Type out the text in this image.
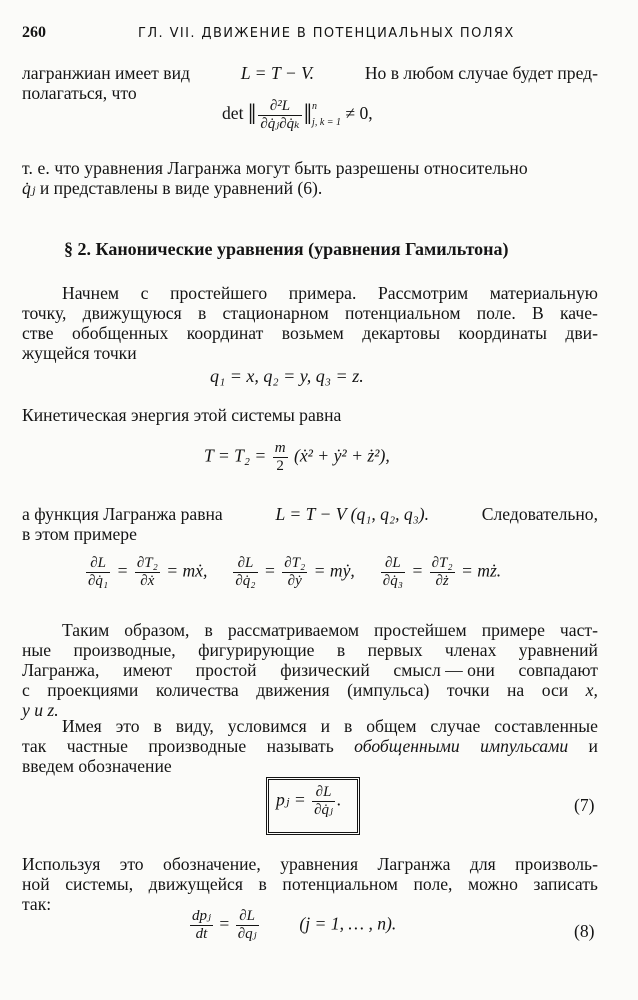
260	ГЛ. VII. ДВИЖЕНИЕ В ПОТЕНЦИАЛЬНЫХ ПОЛЯХ
лагранжиан имеет вид	L = T − V.	Но в любом случае будет пред-
полагаться, что
det ‖ $\frac{\text{∂²L}}{\text{∂q̇ⱼ∂q̇ₖ}}$ ‖ n
j, k = 1 ≠ 0,
т. е. что уравнения Лагранжа могут быть разрешены относительно
q̇ⱼ и представлены в виде уравнений (6).
§ 2. Канонические уравнения (уравнения Гамильтона)
Начнем с простейшего примера. Рассмотрим материальную
точку, движущуюся в стационарном потенциальном поле. В каче-
стве обобщенных координат возьмем декартовы координаты дви-
жущейся точки
q₁ = x, q₂ = y, q₃ = z.
Кинетическая энергия этой системы равна
$T = T_2 = \frac{m}{2}$ (ẋ² + ẏ² + ż²),
а функция Лагранжа равна	L = T − V (q₁, q₂, q₃).	Следовательно,
в этом примере
$\frac{\partial L}{\text{∂q̇₁}} = \frac{\text{∂T₂}}{\text{∂ẋ}}$ = mẋ, $\frac{\partial L}{\text{∂q̇₂}} = \frac{\text{∂T₂}}{\text{∂ẏ}}$ = mẏ, $\frac{\partial L}{\text{∂q̇₃}} = \frac{\text{∂T₂}}{\partial ż}$ = mż.
Таким образом, в рассматриваемом простейшем примере част-
ные производные, фигурирующие в первых членах уравнений
Лагранжа, имеют простой физический смысл — они совпадают
с проекциями количества движения (импульса) точки на оси x,
y и z.
Имея это в виду, условимся и в общем случае составленные
так частные производные называть обобщенными импульсами и
введем обозначение
pⱼ = $\frac{\partial L}{\text{∂q̇ⱼ}}$ .	(7)
Используя это обозначение, уравнения Лагранжа для произволь-
ной системы, движущейся в потенциальном поле, можно записать
так:
$\frac{\text{dpⱼ}}{dt} = \frac{\partial L}{\text{∂qⱼ}} (j = 1$, … , n).	(8)
